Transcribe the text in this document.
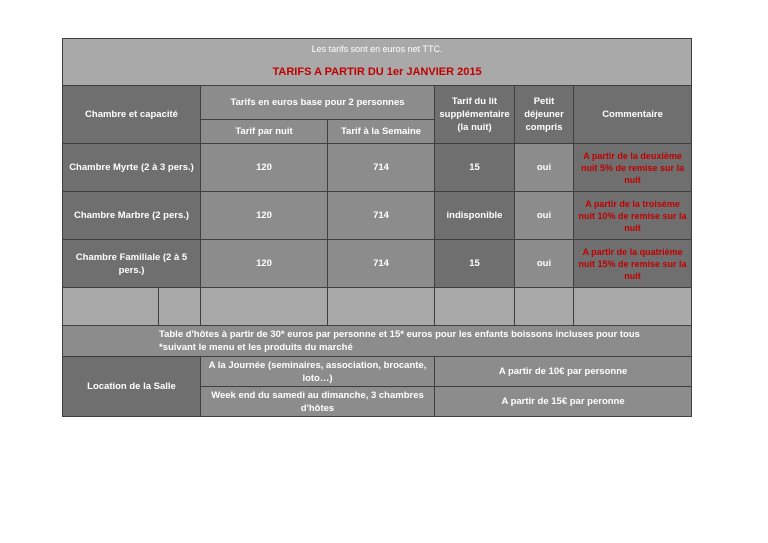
Les tarifs sont en euros net TTC.						
TARIFS A PARTIR DU 1er JANVIER 2015						
Chambre et capacité		Tarifs en euros base pour 2 personnes		Tarif du lit supplémentaire (la nuit)	Petit déjeuner compris	Commentaire
		Tarif par nuit	Tarif à la Semaine			
Chambre Myrte (2 à 3 pers.)		120	714	15	oui	A partir de la deuxième nuit 5% de remise sur la nuit
Chambre Marbre (2 pers.)		120	714	indisponible	oui	A partir de la troisème nuit 10% de remise sur la nuit
Chambre Familiale (2 à 5 pers.)		120	714	15	oui	A partir de la quatrième nuit 15% de remise sur la nuit

Table d'hôtes à partir de 30* euros par personne et 15* euros pour les enfants boissons incluses pour tous
*suivant le menu et les produits du marché						

Location de la Salle		A la Journée (seminaires, association, brocante, loto…)		A partir de 10€ par personne		
		Week end du samedi au dimanche, 3 chambres d'hôtes		A partir de 15€ par peronne		
